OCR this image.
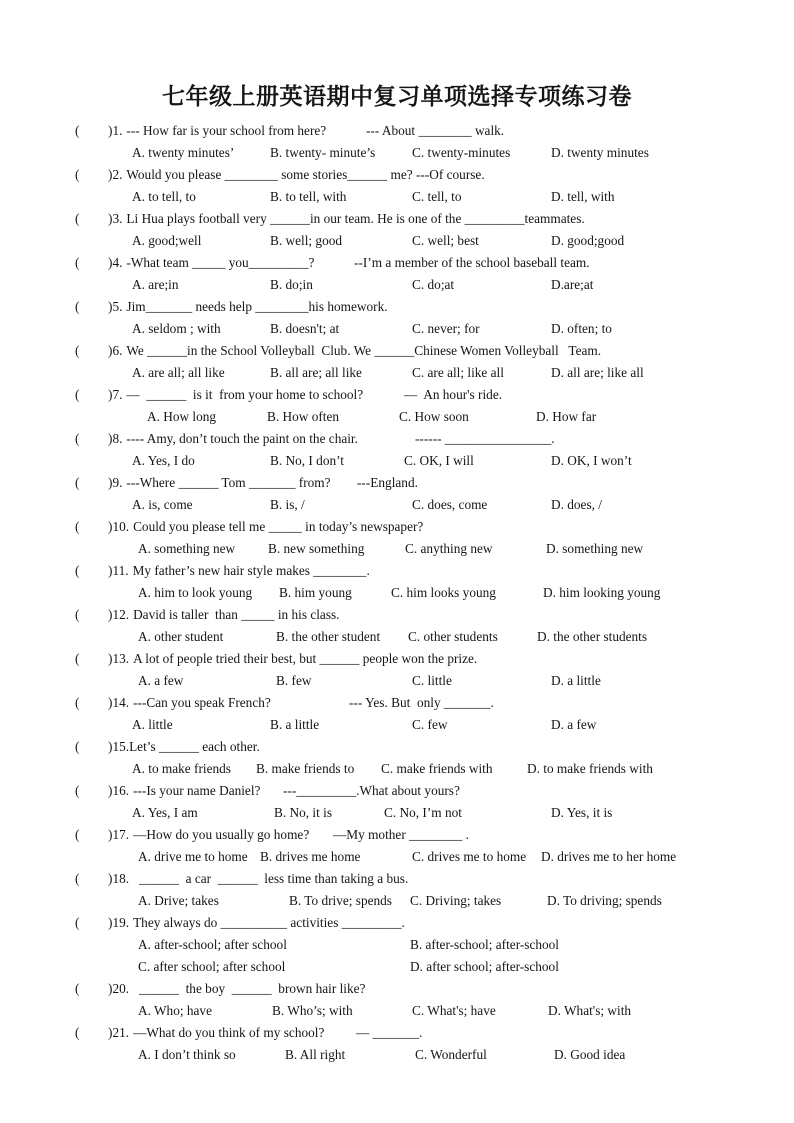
七年级上册英语期中复习单项选择专项练习卷
( )1. --- How far is your school from here?	--- About ________ walk.
A. twenty minutes’	B. twenty- minute’s	C. twenty-minutes	D. twenty minutes
( )2. Would you please ________ some stories______ me? ---Of course.
A. to tell, to	B. to tell, with	C. tell, to	D. tell, with
( )3. Li Hua plays football very ______in our team. He is one of the _________teammates.
A. good;well	B. well; good	C. well; best	D. good;good
( )4. -What team _____ you_________?	--I’m a member of the school baseball team.
A. are;in	B. do;in	C. do;at	D.are;at
( )5. Jim_______ needs help ________his homework.
A. seldom ; with	B. doesn't; at	C. never; for	D. often; to
( )6. We ______in the School Volleyball  Club. We ______Chinese Women Volleyball   Team.
A. are all; all like	B. all are; all like	C. are all; like all	D. all are; like all
( )7. —  ______  is it  from your home to school?	—  An hour's ride.
A. How long	B. How often	C. How soon	D. How far
( )8. ---- Amy, don’t touch the paint on the chair.	------ ________________.
A. Yes, I do	B. No, I don’t	C. OK, I will	D. OK, I won’t
( )9. ---Where ______ Tom _______ from? ---England.
A. is, come	B. is, /	C. does, come	D. does, /
( )10. Could you please tell me _____ in today’s newspaper?
A. something new B. new something	C. anything new	D. something new
( )11. My father’s new hair style makes ________.
A. him to look young B. him young	C. him looks young	D. him looking young
( )12. David is taller  than _____ in his class.
A. other student	B. the other student C. other students	D. the other students
( )13. A lot of people tried their best, but ______ people won the prize.
A. a few	B. few	C. little	D. a little
( )14. ---Can you speak French?	--- Yes. But  only _______.
A. little	B. a little	C. few	D. a few
( )15.Let’s ______ each other.
A. to make friends B. make friends to C. make friends with	D. to make friends with
( )16. ---Is your name Daniel? ---_________.What about yours?
A. Yes, I am	B. No, it is	C. No, I’m not	D. Yes, it is
( )17. —How do you usually go home? —My mother ________ .
A. drive me to home B. drives me home	C. drives me to home D. drives me to her home
( )18. ______  a car  ______  less time than taking a bus.
A. Drive; takes	B. To drive; spends C. Driving; takes	D. To driving; spends
( )19. They always do __________ activities _________.
A. after-school; after school	B. after-school; after-school
C. after school; after school	D. after school; after-school
( )20. ______  the boy  ______  brown hair like?
A. Who; have	B. Who’s; with	C. What's; have	D. What's; with
( )21. —What do you think of my school? — _______.
A. I don’t think so	B. All right	C. Wonderful	D. Good idea
